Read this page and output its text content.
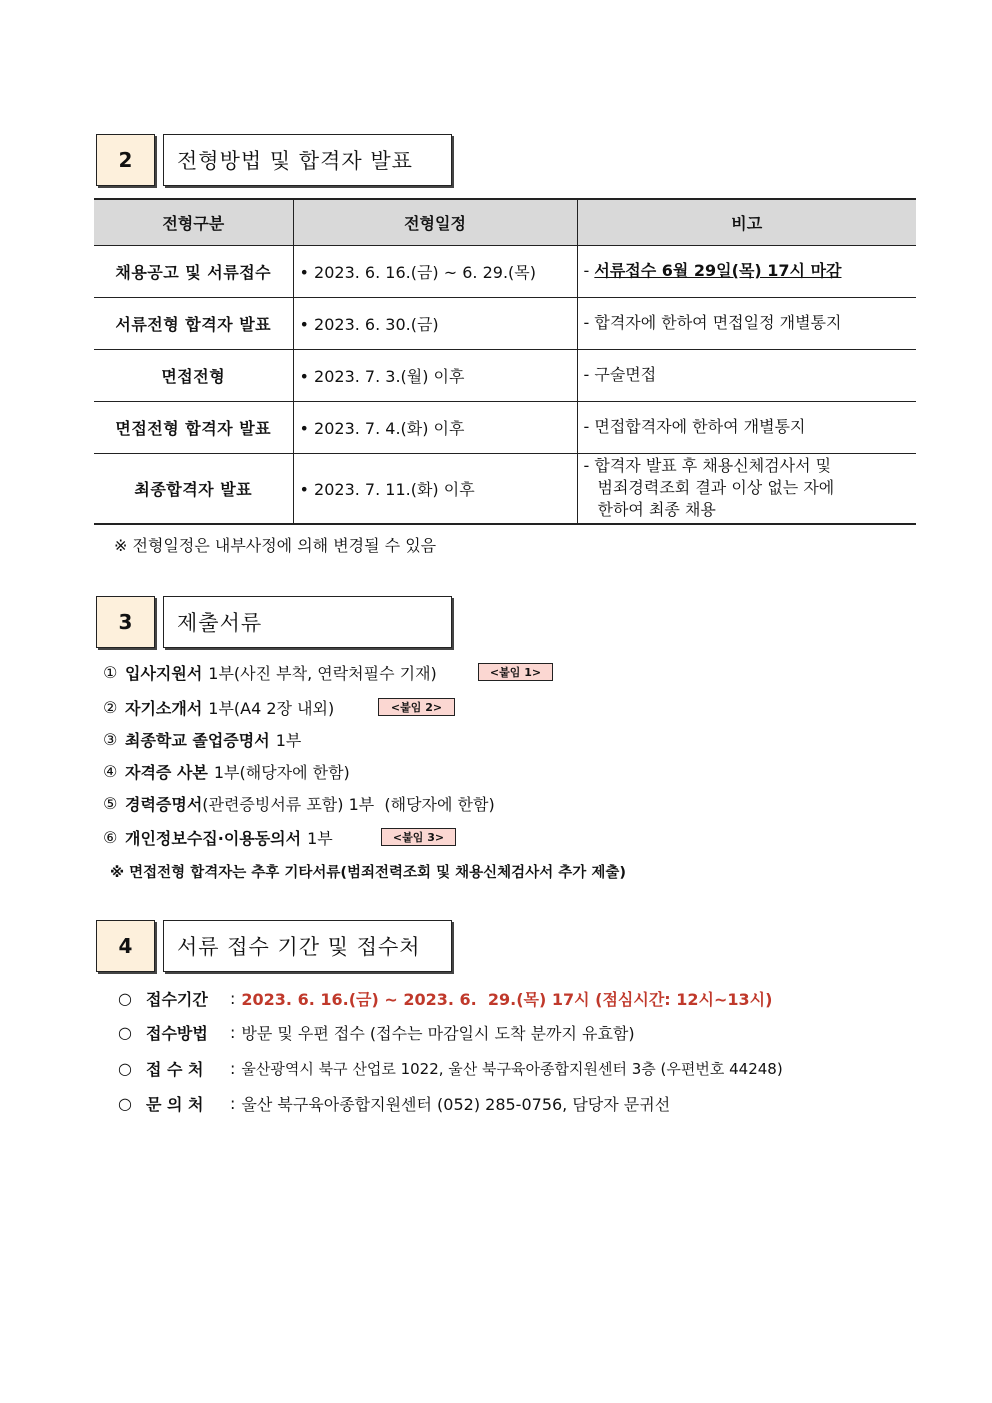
2	전형방법 및 합격자 발표
전형구분	전형일정	비고
채용공고 및 서류접수	• 2023. 6. 16.(금) ~ 6. 29.(목)	- 서류접수 6월 29일(목) 17시 마감
서류전형 합격자 발표	• 2023. 6. 30.(금)	- 합격자에 한하여 면접일정 개별통지
면접전형	• 2023. 7. 3.(월) 이후	- 구술면접
면접전형 합격자 발표	• 2023. 7. 4.(화) 이후	- 면접합격자에 한하여 개별통지
최종합격자 발표	• 2023. 7. 11.(화) 이후	- 합격자 발표 후 채용신체검사서 및
범죄경력조회 결과 이상 없는 자에
한하여 최종 채용
※ 전형일정은 내부사정에 의해 변경될 수 있음
3	제출서류
① 입사지원서 1부(사진 부착, 연락처필수 기재)	<붙임 1>
② 자기소개서 1부(A4 2장 내외)	<붙임 2>
③ 최종학교 졸업증명서 1부
④ 자격증 사본 1부(해당자에 한함)
⑤ 경력증명서 (관련증빙서류 포함) 1부  (해당자에 한함)
⑥ 개인정보수집·이용동의서 1부	<붙임 3>
※ 면접전형 합격자는 추후 기타서류(범죄전력조회 및 채용신체검사서 추가 제출)
4	서류 접수 기간 및 접수처
○ 접수기간	: 2023. 6. 16.(금) ~ 2023. 6.  29.(목) 17시 (점심시간: 12시~13시)
○ 접수방법	: 방문 및 우편 접수 (접수는 마감일시 도착 분까지 유효함)
○ 접 수 처	: 울산광역시 북구 산업로 1022, 울산 북구육아종합지원센터 3층 (우편번호 44248)
○ 문 의 처	: 울산 북구육아종합지원센터 (052) 285-0756, 담당자 문귀선
